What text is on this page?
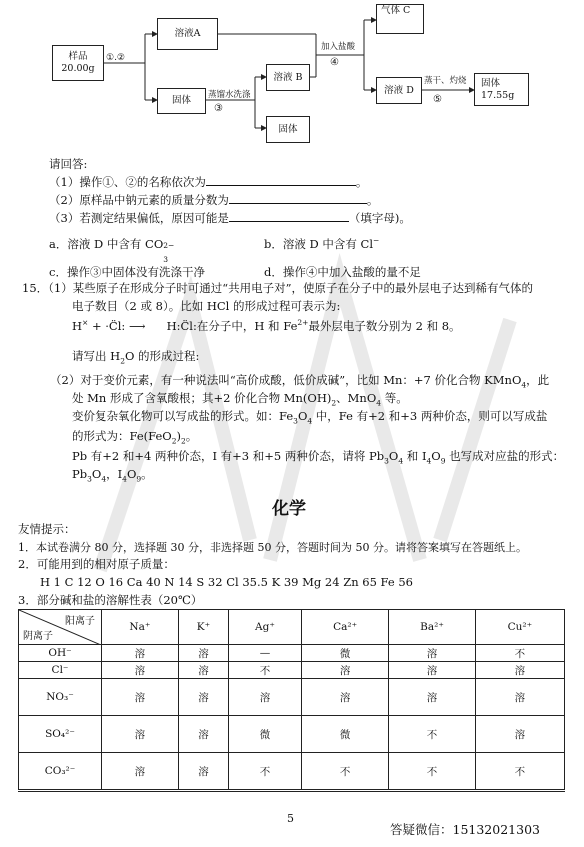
样品
20.00g
①.②
溶液A
固体 蒸馏水洗涤
③
溶液 B
固体
加入盐酸
④
气体 C
溶液 D
蒸干、灼烧
⑤
固体
17.55g
请回答:
（1）操作①、②的名称依次为	。
（2）原样品中钠元素的质量分数为	。
（3）若测定结果偏低，原因可能是	（填字母)。
a．溶液 D 中含有 CO 2−
3
b．溶液 D 中含有 Cl−
c．操作③中固体没有洗涤干净	d．操作④中加入盐酸的量不足
15．（1）某些原子在形成分子时可通过“共用电子对”，使原子在分子中的最外层电子达到稀有气体的
电子数目（2 或 8）。比如 HCl 的形成过程可表示为:
H× + ·C̈l: ⟶ H:C̈l:在分子中，H 和 $Fe^{2+}$最外层电子数分别为 2 和 8。
请写出 $H_2O$ 的形成过程:
（2）对于变价元素，有一种说法叫“高价成酸，低价成碱”，比如 Mn：+7 价化合物 KMnO$_4$，此
处 Mn 形成了含氧酸根；其+2 价化合物 $Mn(OH)_2$、MnO$_4$ 等。
变价复杂氧化物可以写成盐的形式。如：$Fe_3O_4$ 中，Fe 有+2 和+3 两种价态，则可以写成盐
的形式为：$Fe(FeO_2)_2$。
Pb 有+2 和+4 两种价态，I 有+3 和+5 两种价态，请将 $Pb_3O_4$ 和 $I_4O_9$ 也写成对应盐的形式：
$Pb_3O_4$，$I_4O_9$。
化学
友情提示：
1．本试卷满分 80 分，选择题 30 分，非选择题 50 分，答题时间为 50 分。请将答案填写在答题纸上。
2．可能用到的相对原子质量：
H 1 C 12 O 16 Ca 40 N 14 S 32 Cl 35.5 K 39 Mg 24 Zn 65 Fe 56
3．部分碱和盐的溶解性表（20℃）
阳离子
阴离子	Na⁺	K⁺	Ag⁺	Ca²⁺	Ba²⁺	Cu²⁺
OH⁻	溶	溶	—	微	溶	不
Cl⁻	溶	溶	不	溶	溶	溶
NO₃⁻	溶	溶	溶	溶	溶	溶
SO₄²⁻	溶	溶	微	微	不	溶
CO₃²⁻	溶	溶	不	不	不	不
5
答疑微信：15132021303
